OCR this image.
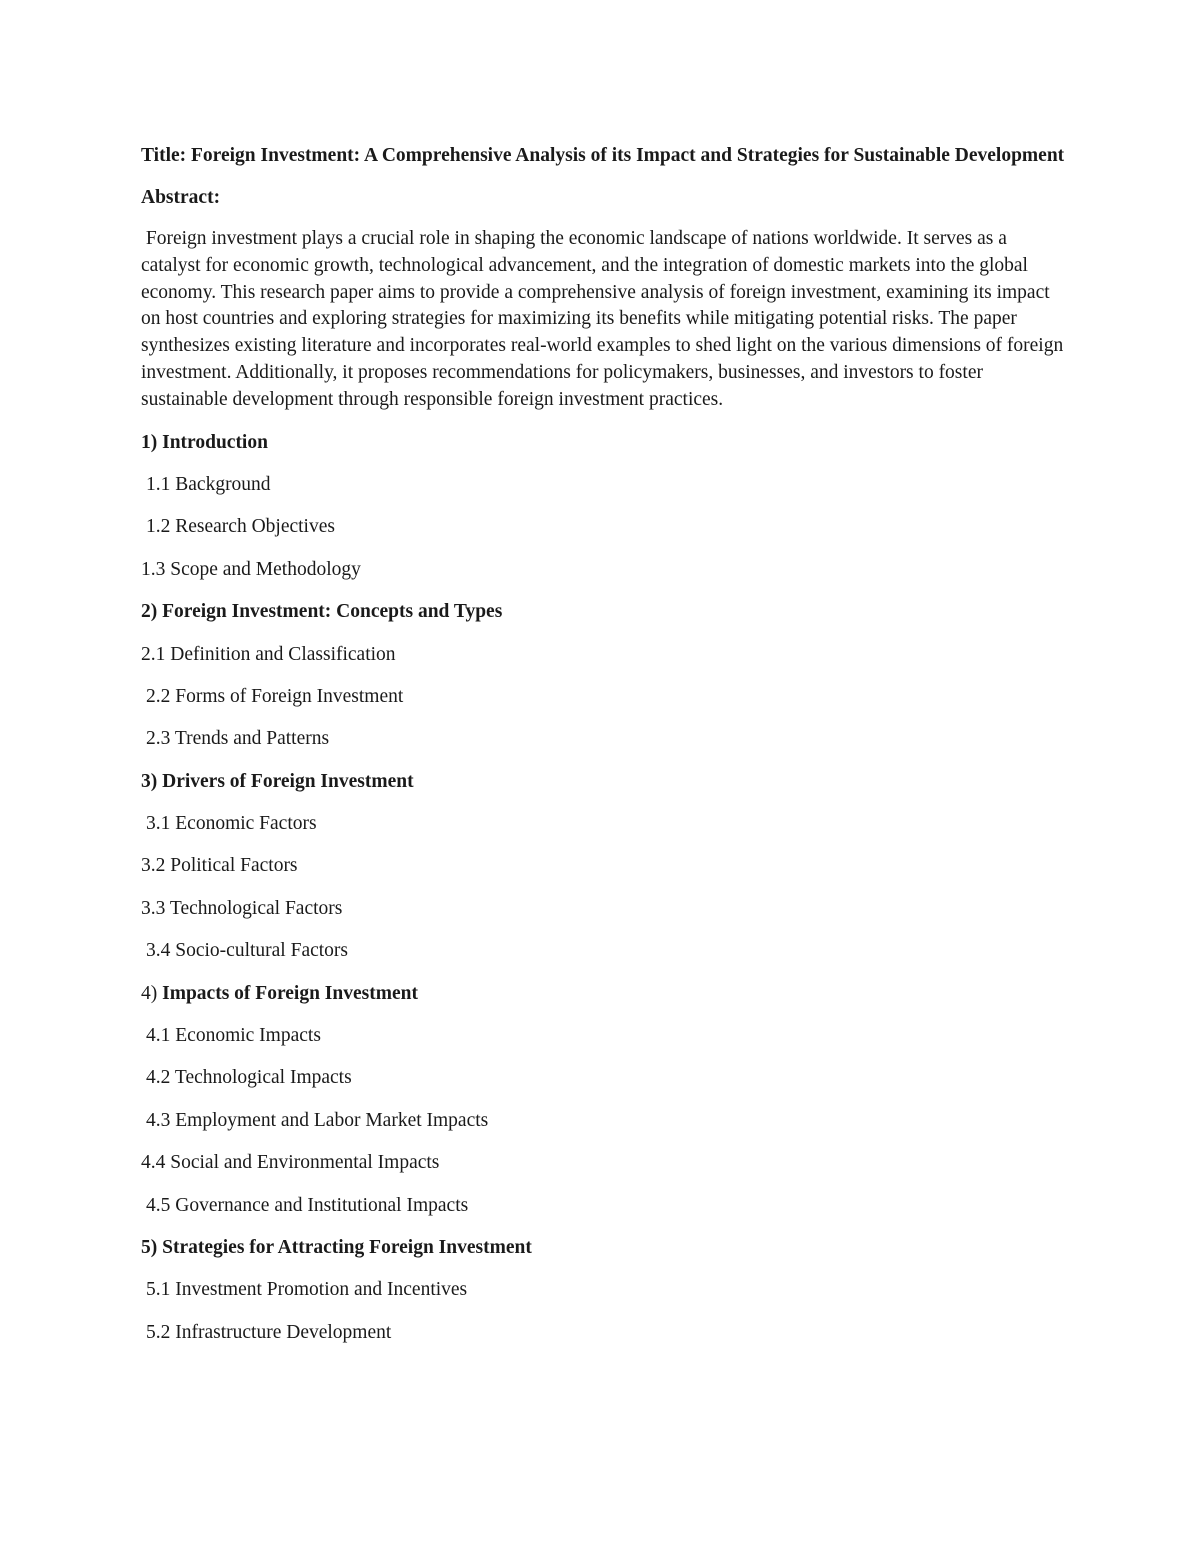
Title: Foreign Investment: A Comprehensive Analysis of its Impact and Strategies for Sustainable Development
Abstract:
Foreign investment plays a crucial role in shaping the economic landscape of nations worldwide. It serves as a catalyst for economic growth, technological advancement, and the integration of domestic markets into the global economy. This research paper aims to provide a comprehensive analysis of foreign investment, examining its impact on host countries and exploring strategies for maximizing its benefits while mitigating potential risks. The paper synthesizes existing literature and incorporates real-world examples to shed light on the various dimensions of foreign investment. Additionally, it proposes recommendations for policymakers, businesses, and investors to foster sustainable development through responsible foreign investment practices.
1) Introduction
1.1 Background
1.2 Research Objectives
1.3 Scope and Methodology
2) Foreign Investment: Concepts and Types
2.1 Definition and Classification
2.2 Forms of Foreign Investment
2.3 Trends and Patterns
3) Drivers of Foreign Investment
3.1 Economic Factors
3.2 Political Factors
3.3 Technological Factors
3.4 Socio-cultural Factors
4) Impacts of Foreign Investment
4.1 Economic Impacts
4.2 Technological Impacts
4.3 Employment and Labor Market Impacts
4.4 Social and Environmental Impacts
4.5 Governance and Institutional Impacts
5) Strategies for Attracting Foreign Investment
5.1 Investment Promotion and Incentives
5.2 Infrastructure Development
